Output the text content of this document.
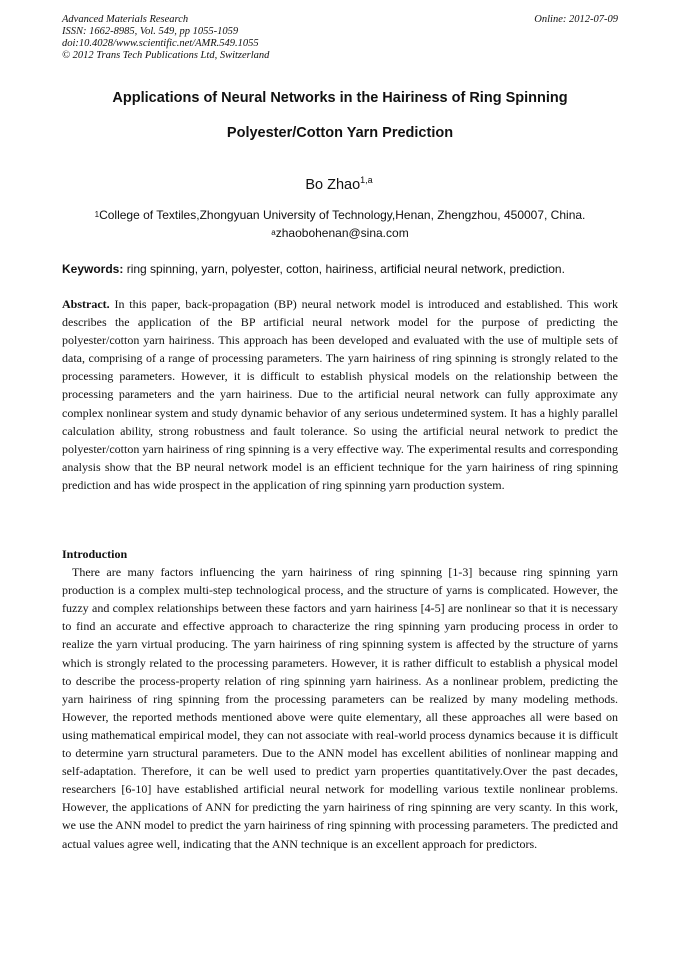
Advanced Materials Research
ISSN: 1662-8985, Vol. 549, pp 1055-1059
doi:10.4028/www.scientific.net/AMR.549.1055
© 2012 Trans Tech Publications Ltd, Switzerland
Online: 2012-07-09
Applications of Neural Networks in the Hairiness of Ring Spinning
Polyester/Cotton Yarn Prediction
Bo Zhao$^{1,a}$
$^1$College of Textiles,Zhongyuan University of Technology,Henan, Zhengzhou, 450007, China.
$^a$zhaobohenan@sina.com
Keywords: ring spinning, yarn, polyester, cotton, hairiness, artificial neural network, prediction.
Abstract. In this paper, back-propagation (BP) neural network model is introduced and established. This work describes the application of the BP artificial neural network model for the purpose of predicting the polyester/cotton yarn hairiness. This approach has been developed and evaluated with the use of multiple sets of data, comprising of a range of processing parameters. The yarn hairiness of ring spinning is strongly related to the processing parameters. However, it is difficult to establish physical models on the relationship between the processing parameters and the yarn hairiness. Due to the artificial neural network can fully approximate any complex nonlinear system and study dynamic behavior of any serious undetermined system. It has a highly parallel calculation ability, strong robustness and fault tolerance. So using the artificial neural network to predict the polyester/cotton yarn hairiness of ring spinning is a very effective way. The experimental results and corresponding analysis show that the BP neural network model is an efficient technique for the yarn hairiness of ring spinning prediction and has wide prospect in the application of ring spinning yarn production system.
Introduction
There are many factors influencing the yarn hairiness of ring spinning [1-3] because ring spinning yarn production is a complex multi-step technological process, and the structure of yarns is complicated. However, the fuzzy and complex relationships between these factors and yarn hairiness [4-5] are nonlinear so that it is necessary to find an accurate and effective approach to characterize the ring spinning yarn producing process in order to realize the yarn virtual producing. The yarn hairiness of ring spinning system is affected by the structure of yarns which is strongly related to the processing parameters. However, it is rather difficult to establish a physical model to describe the process-property relation of ring spinning yarn hairiness. As a nonlinear problem, predicting the yarn hairiness of ring spinning from the processing parameters can be realized by many modeling methods. However, the reported methods mentioned above were quite elementary, all these approaches all were based on using mathematical empirical model, they can not associate with real-world process dynamics because it is difficult to determine yarn structural parameters. Due to the ANN model has excellent abilities of nonlinear mapping and self-adaptation. Therefore, it can be well used to predict yarn properties quantitatively.Over the past decades, researchers [6-10] have established artificial neural network for modelling various textile nonlinear problems. However, the applications of ANN for predicting the yarn hairiness of ring spinning are very scanty. In this work, we use the ANN model to predict the yarn hairiness of ring spinning with processing parameters. The predicted and actual values agree well, indicating that the ANN technique is an excellent approach for predictors.
